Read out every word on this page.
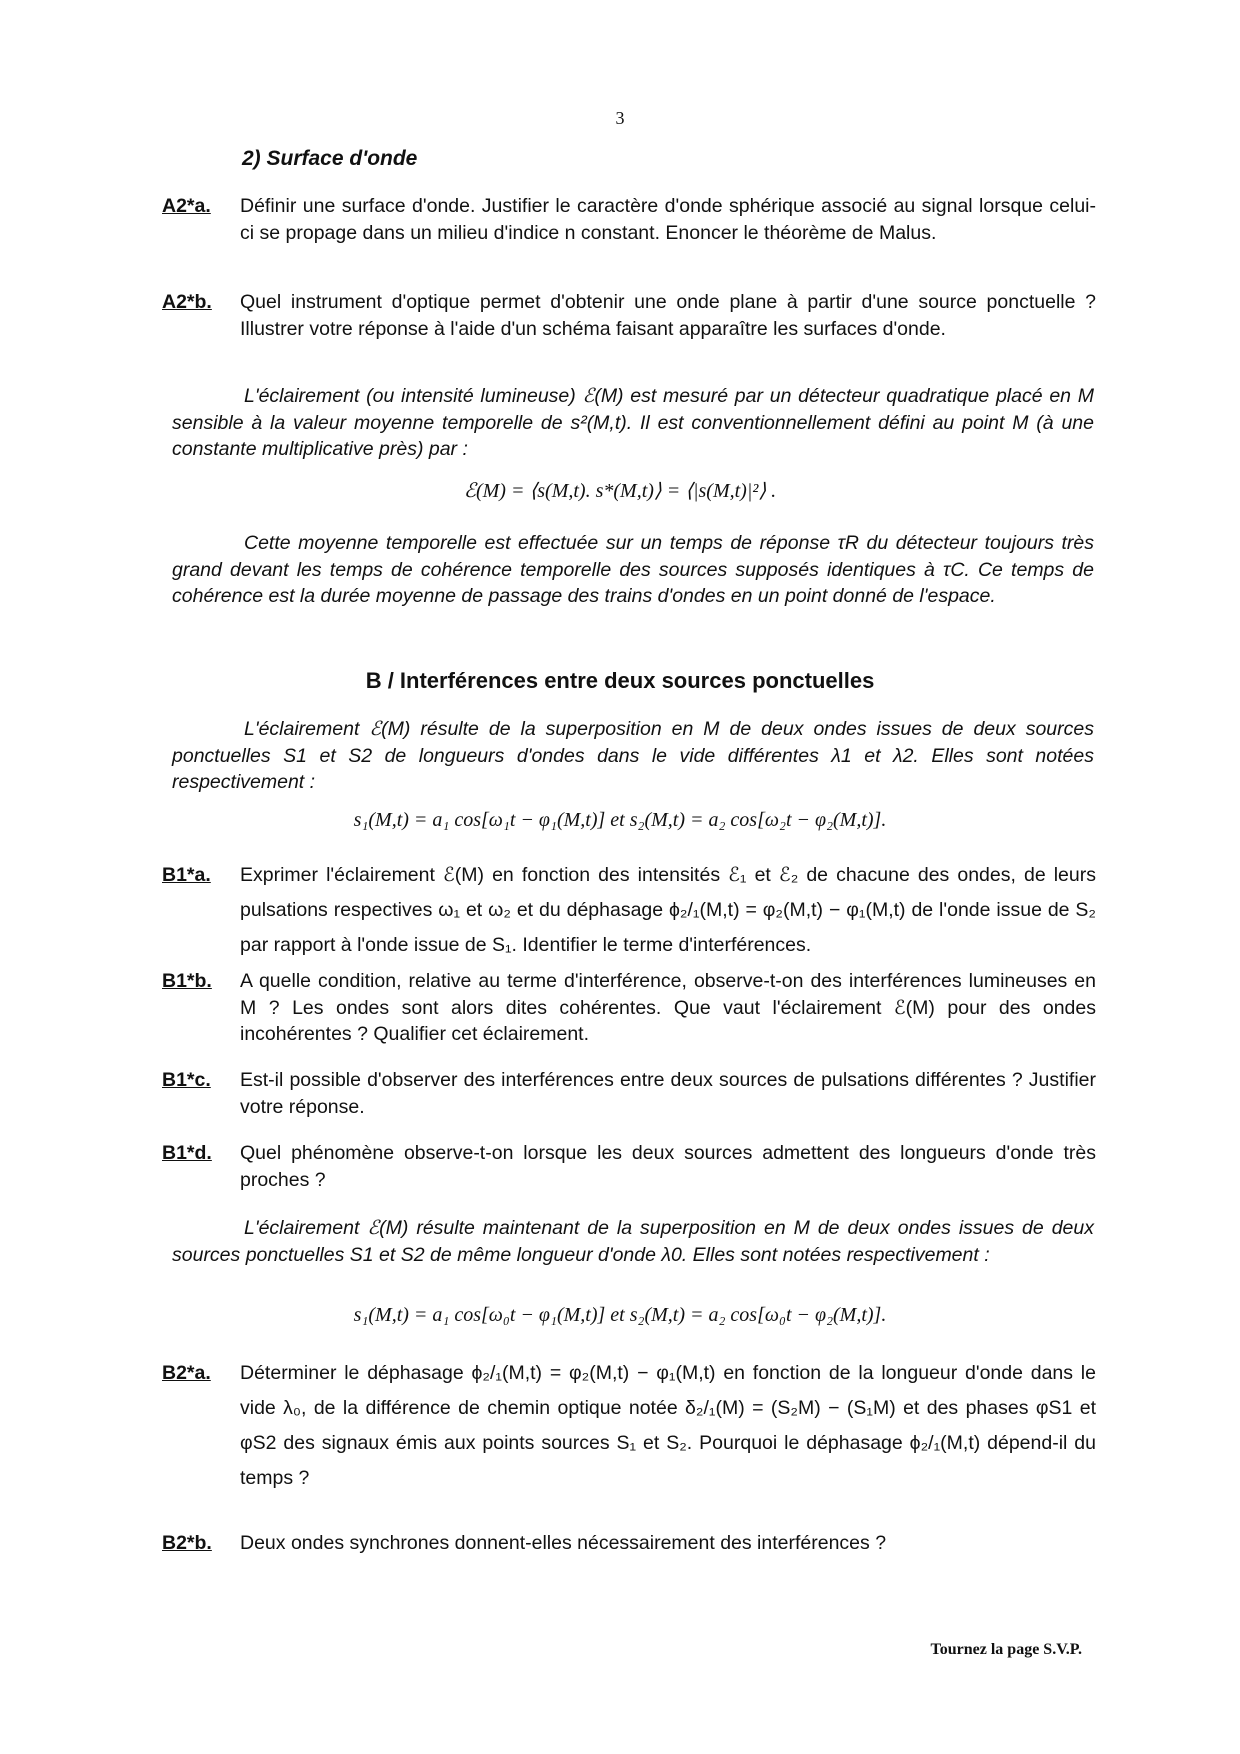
3
2) Surface d'onde
A2*a. Définir une surface d'onde. Justifier le caractère d'onde sphérique associé au signal lorsque celui-ci se propage dans un milieu d'indice n constant. Enoncer le théorème de Malus.
A2*b. Quel instrument d'optique permet d'obtenir une onde plane à partir d'une source ponctuelle ? Illustrer votre réponse à l'aide d'un schéma faisant apparaître les surfaces d'onde.
L'éclairement (ou intensité lumineuse) ℰ(M) est mesuré par un détecteur quadratique placé en M sensible à la valeur moyenne temporelle de s²(M,t). Il est conventionnellement défini au point M (à une constante multiplicative près) par :
ℰ(M) = ⟨s(M,t). s*(M,t)⟩ = ⟨|s(M,t)|²⟩ .
Cette moyenne temporelle est effectuée sur un temps de réponse τR du détecteur toujours très grand devant les temps de cohérence temporelle des sources supposés identiques à τC. Ce temps de cohérence est la durée moyenne de passage des trains d'ondes en un point donné de l'espace.
B / Interférences entre deux sources ponctuelles
L'éclairement ℰ(M) résulte de la superposition en M de deux ondes issues de deux sources ponctuelles S1 et S2 de longueurs d'ondes dans le vide différentes λ1 et λ2. Elles sont notées respectivement :
s₁(M,t) = a₁ cos[ω₁t − φ₁(M,t)] et s₂(M,t) = a₂ cos[ω₂t − φ₂(M,t)].
B1*a. Exprimer l'éclairement ℰ(M) en fonction des intensités ℰ₁ et ℰ₂ de chacune des ondes, de leurs pulsations respectives ω₁ et ω₂ et du déphasage ϕ₂/₁(M,t) = φ₂(M,t) − φ₁(M,t) de l'onde issue de S₂ par rapport à l'onde issue de S₁. Identifier le terme d'interférences.
B1*b. A quelle condition, relative au terme d'interférence, observe-t-on des interférences lumineuses en M ? Les ondes sont alors dites cohérentes. Que vaut l'éclairement ℰ(M) pour des ondes incohérentes ? Qualifier cet éclairement.
B1*c. Est-il possible d'observer des interférences entre deux sources de pulsations différentes ? Justifier votre réponse.
B1*d. Quel phénomène observe-t-on lorsque les deux sources admettent des longueurs d'onde très proches ?
L'éclairement ℰ(M) résulte maintenant de la superposition en M de deux ondes issues de deux sources ponctuelles S1 et S2 de même longueur d'onde λ0. Elles sont notées respectivement :
s₁(M,t) = a₁ cos[ω₀t − φ₁(M,t)] et s₂(M,t) = a₂ cos[ω₀t − φ₂(M,t)].
B2*a. Déterminer le déphasage ϕ₂/₁(M,t) = φ₂(M,t) − φ₁(M,t) en fonction de la longueur d'onde dans le vide λ₀, de la différence de chemin optique notée δ₂/₁(M) = (S₂M) − (S₁M) et des phases φS1 et φS2 des signaux émis aux points sources S₁ et S₂. Pourquoi le déphasage ϕ₂/₁(M,t) dépend-il du temps ?
B2*b. Deux ondes synchrones donnent-elles nécessairement des interférences ?
Tournez la page S.V.P.
